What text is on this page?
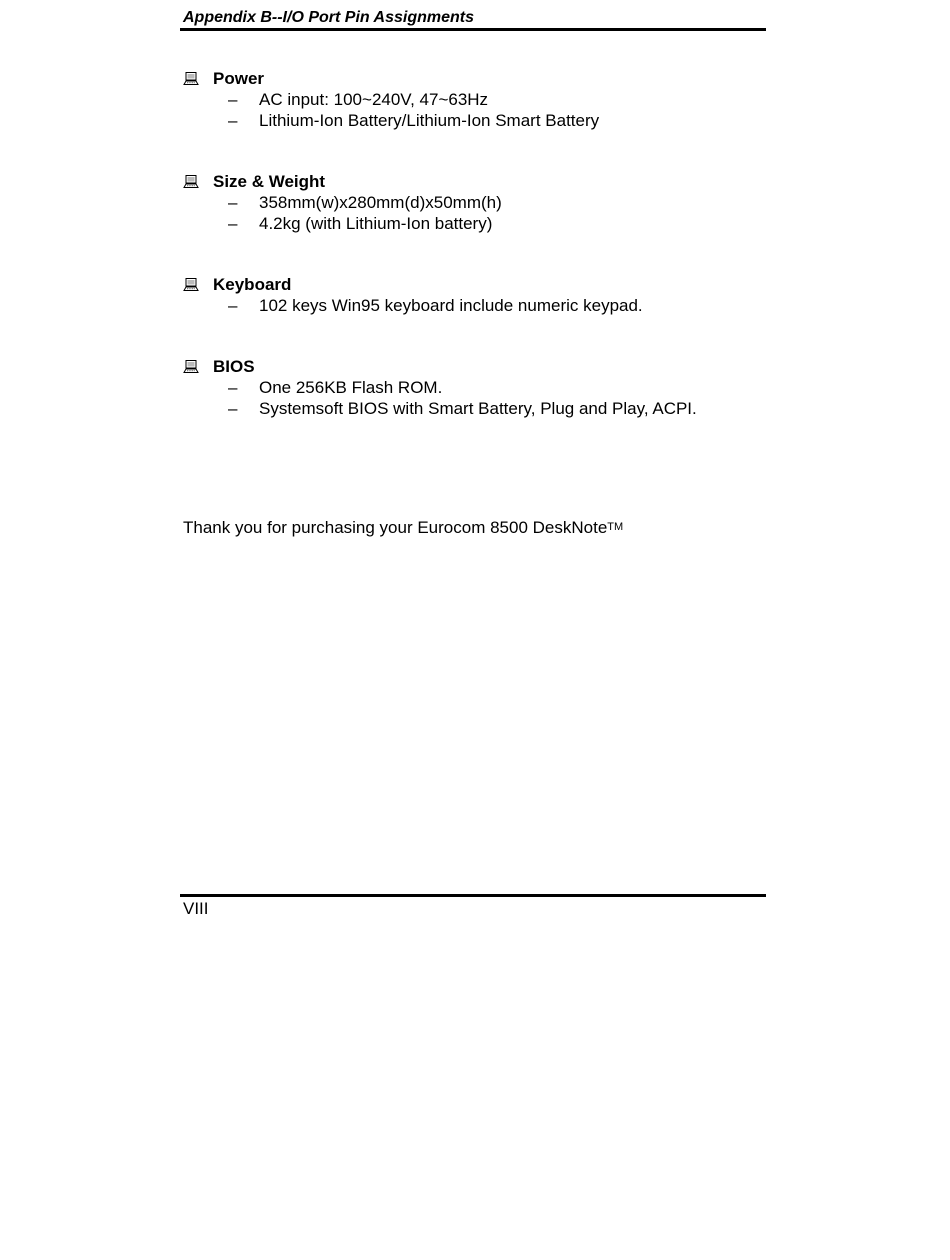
Appendix B--I/O Port Pin Assignments
Power
–	AC input: 100~240V, 47~63Hz
–	Lithium-Ion Battery/Lithium-Ion Smart Battery
Size & Weight
–	358mm(w)x280mm(d)x50mm(h)
–	4.2kg (with Lithium-Ion battery)
Keyboard
–	102 keys Win95 keyboard include numeric keypad.
BIOS
–	One 256KB Flash ROM.
–	Systemsoft BIOS with Smart Battery, Plug and Play, ACPI.
Thank you for purchasing your Eurocom 8500 DeskNoteTM
VIII
